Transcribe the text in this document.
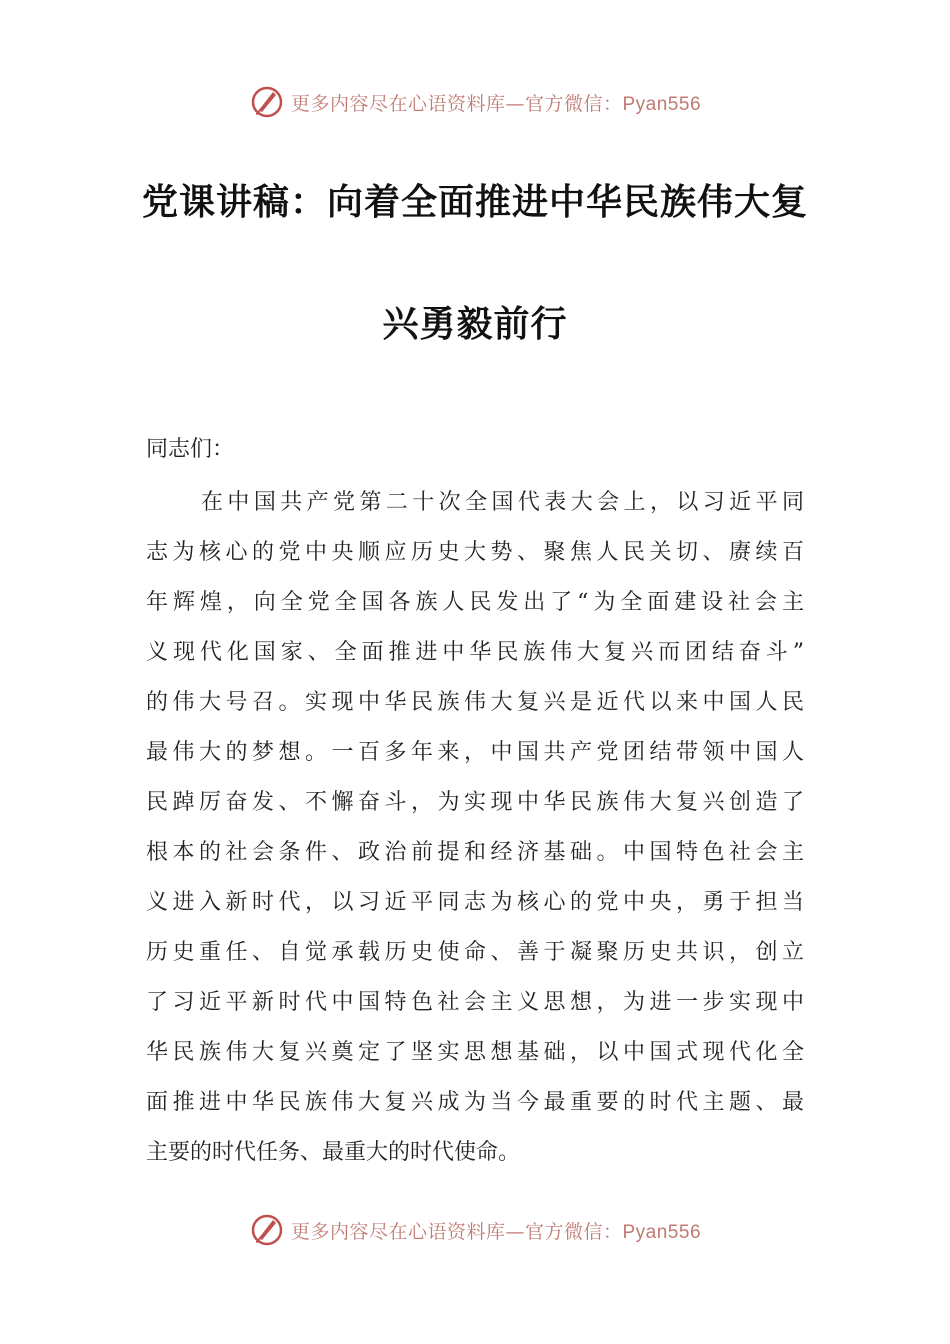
更多内容尽在心语资料库—官方微信：Pyan556
党课讲稿：向着全面推进中华民族伟大复
兴勇毅前行
同志们：
在中国共产党第二十次全国代表大会上，以习近平同
志为核心的党中央顺应历史大势、聚焦人民关切、赓续百
年辉煌，向全党全国各族人民发出了“为全面建设社会主
义现代化国家、全面推进中华民族伟大复兴而团结奋斗”
的伟大号召。实现中华民族伟大复兴是近代以来中国人民
最伟大的梦想。一百多年来，中国共产党团结带领中国人
民踔厉奋发、不懈奋斗，为实现中华民族伟大复兴创造了
根本的社会条件、政治前提和经济基础。中国特色社会主
义进入新时代，以习近平同志为核心的党中央，勇于担当
历史重任、自觉承载历史使命、善于凝聚历史共识，创立
了习近平新时代中国特色社会主义思想，为进一步实现中
华民族伟大复兴奠定了坚实思想基础，以中国式现代化全
面推进中华民族伟大复兴成为当今最重要的时代主题、最
主要的时代任务、最重大的时代使命。
更多内容尽在心语资料库—官方微信：Pyan556
